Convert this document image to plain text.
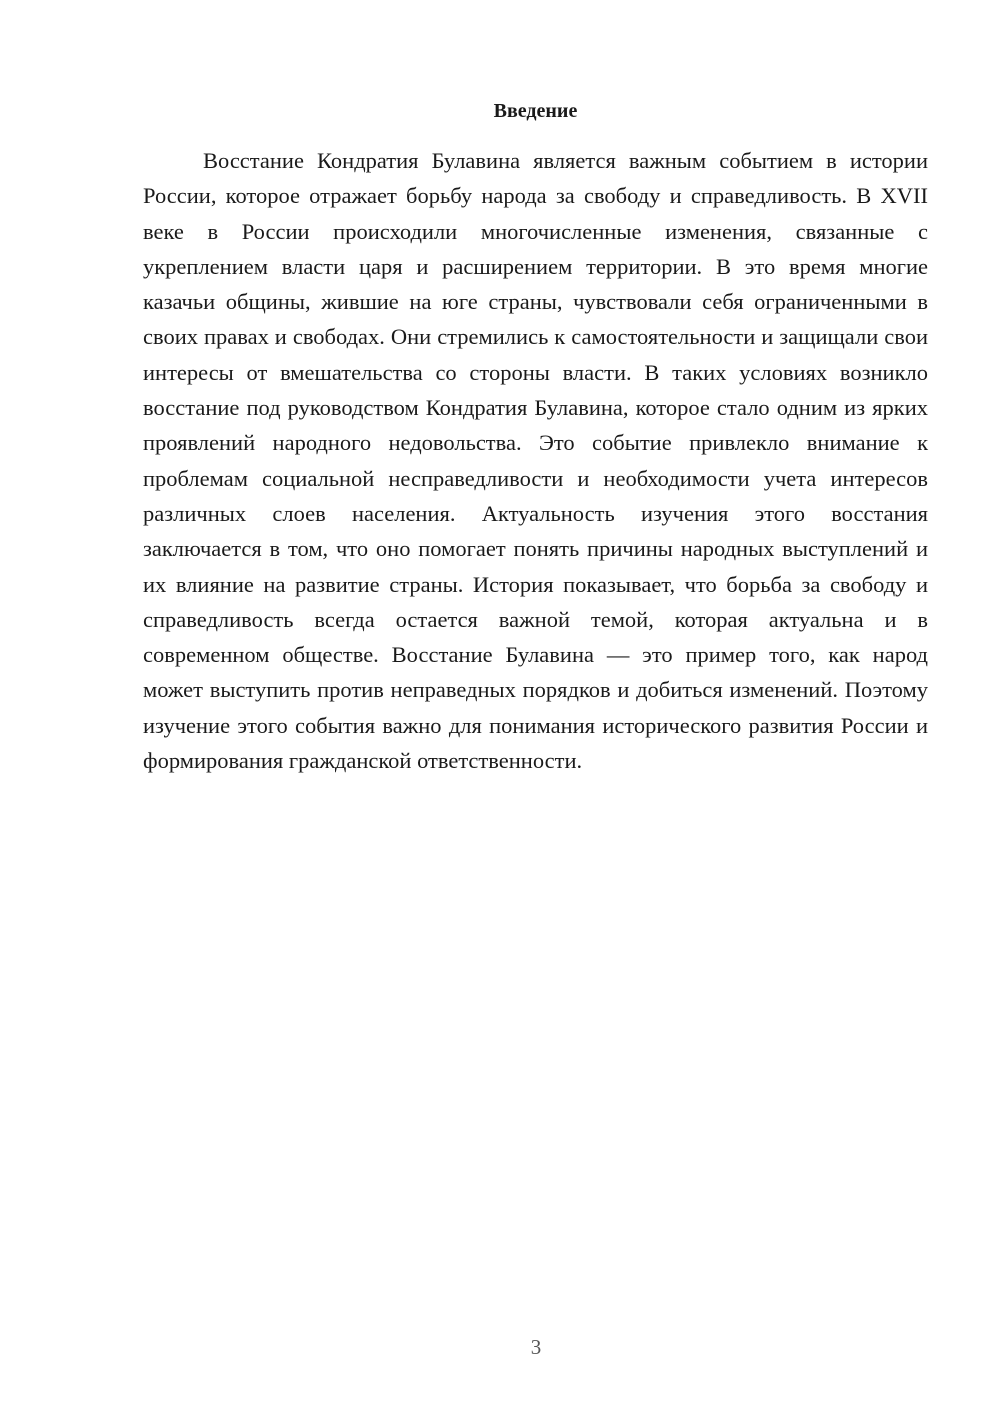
Введение

Восстание Кондратия Булавина является важным событием в истории России, которое отражает борьбу народа за свободу и справедливость. В XVII веке в России происходили многочисленные изменения, связанные с укреплением власти царя и расширением территории. В это время многие казачьи общины, жившие на юге страны, чувствовали себя ограниченными в своих правах и свободах. Они стремились к самостоятельности и защищали свои интересы от вмешательства со стороны власти. В таких условиях возникло восстание под руководством Кондратия Булавина, которое стало одним из ярких проявлений народного недовольства. Это событие привлекло внимание к проблемам социальной несправедливости и необходимости учета интересов различных слоев населения. Актуальность изучения этого восстания заключается в том, что оно помогает понять причины народных выступлений и их влияние на развитие страны. История показывает, что борьба за свободу и справедливость всегда остается важной темой, которая актуальна и в современном обществе. Восстание Булавина — это пример того, как народ может выступить против неправедных порядков и добиться изменений. Поэтому изучение этого события важно для понимания исторического развития России и формирования гражданской ответственности.

3
